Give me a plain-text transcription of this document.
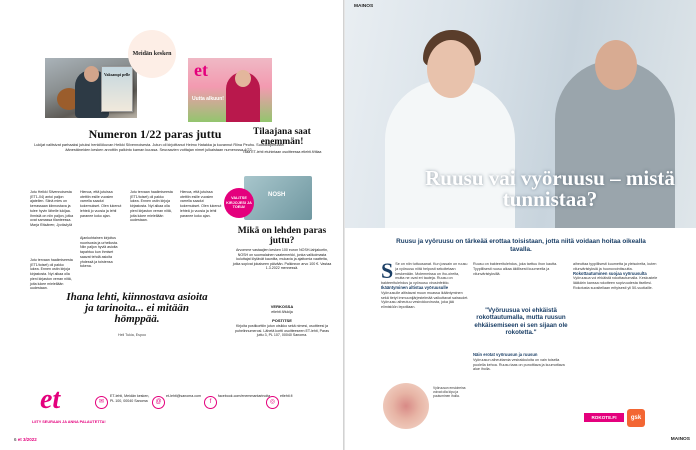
Vaksampi pelle
Meidän kesken
et
Uutta alkuun!
Numeron 1/22 paras juttu
Lukijat valitsivat parhaaksi jutuksi henkilökuvan Heikki Silvennoisesta. Jutun oli kirjoittanut Heimo Hatakka ja kuvannut Riina Peuhu. Suosikkijuttuaan äänestäneiden kesken arvottiin palkinto kaman kuussa. Seuraavien voittajan nimet julkaistaan numerossa 4/22.
Jutu Heikki Silvennoisesta (ET1-04) antoi paljon ajatellen. Siinä mies on kerrassaan kiinnostava ja tulee hyvin lähelle lukijaa. Ihmisiä on niin paljon, jotka ovat samassa tilanteessa.
Marja Räsänen, Jyväskylä
Jutu tervaan haalimiseesta (ET1/toiset) oli pakko lukea. Ennen ostin kirjoja kirjastosta. Nyt alkaa olla pieni kirjaston verran niitä, joita lukee mielellään uudestaan.
Hienoa, että jutuissa otettiin esille vuosien varrella saadut kokemukset. Olen lukenut lehteä jo vuosia ja lehti paranee koko ajan.
Ajankohtainen kirjoitus nuorisosta ja urheilusta. Niin paljon hyviä asioita tapahtuu kun ihmiset saavat tehdä asioita yhdessä ja toistensa tukena.
Jutu tervaan haalimiseesta (ET1/toiset) oli pakko lukea. Ennen ostin kirjoja kirjastosta. Nyt alkaa olla pieni kirjaston verran niitä, joita lukee mielellään uudestaan.
Hienoa, että jutuissa otettiin esille vuosien varrella saadut kokemukset. Olen lukenut lehteä jo vuosia ja lehti paranee koko ajan.
Ihana lehti, kiinnostava asioita ja tarinoita... ei mitään hömppää.
Heli Tukia, Espoo
Tilaajana saat enemmän!
Tilaa ET-lehti etuhintaan osoitteessa etlehti.fi/tilaa
NOSH
VALITSE KIRJOJESI JA TOEIA!
Mikä on lehden paras juttu?
Arvomme vastaajien kesken 100 euron NOSH-lahjakortin, NOSH on suomalainen vaatemerkki, jonka valikoimasta kuluttajat löytävät kauniita, mukavia ja ajattomia vaatteita, jotka sopivat jokaiseen päivään. Palkinnon arvo 100 €. Vastaa 1.3.2022 mennessä.
VERKOSSA
etlehti.fi/lukija
POSTITSE
Kirjoita postikorttiin jutun otsikko sekä nimesi, osoitteesi ja puhelinnumerosi. Lähetä kortti osoitteeseen ET-lehti, Paras juttu 3, PL 107, 00040 Sanoma.
et
LIITY SEURAAN JA ANNA PALAUTETTA!
✉
ET-lehti, Meidän kesken, PL 100, 00040 Sanoma	@
et-lehti@sanoma.com
f
facebook.com/enemmantarinoita
◎
etlehti.fi
6 et 3/2022
MAINOS
Ruusu vai vyöruusu – mistä tunnistaa?
Ruusu ja vyöruusu on tärkeää erottaa toisistaan, jotta niitä voidaan hoitaa oikealla tavalla.
S Se on niin tuttuusanat. Kun jossain on ruusu ja vyöruusu niitä helposti sekoitetaan keskenään. Molemmissa on iho-oireita, mutta ne ovat eri tauteja. Ruusu on bakteeritulehdus ja vyöruusu virusinfektio.
Ikääntyminen altistaa vyöruusulle
Vyöruusulle altistavat muun muassa ikääntyminen sekä tietyt immuunijärjestelmää vaikuttavat sairaudet. Vyöruusu aiheutuu vesirokkovirusta, joka jää elimistöön lepotilaan.
Ruusu on bakteeritulehdus, joka tarttuu ihon kautta. Tyypillisesti ruusu alkaa äkillisesti kuumeella ja vilunväristyksillä.
"Vyöruusua voi ehkäistä rokottautumalla, mutta ruusun ehkäisemiseen ei sen sijaan ole rokotetta."
Näin erotat vyöruusun ja ruusun
Vyöruusun aiheuttamia vesirakkuloita on vain toisella puolella kehoa. Ruusu taas on punoittava ja kuumottava alue iholla.
aiheuttaa tyypillisesti kuumetta ja yleisoireita, kuten vilunväristyksiä ja huonovointisuutta.
Rokottautuminen suojaa vyöruusulta
Vyöruusua voi ehkäistä rokottautumalla. Keskustele lääkärin kanssa rokotteen sopivuudesta itsellesi. Rokotusta suositellaan erityisesti yli 50-vuotiaille.
Vyöruusun ensioireina voivat olla kipu ja puutuminen iholla.
ROKOTE.FI	gsk
MAINOS
